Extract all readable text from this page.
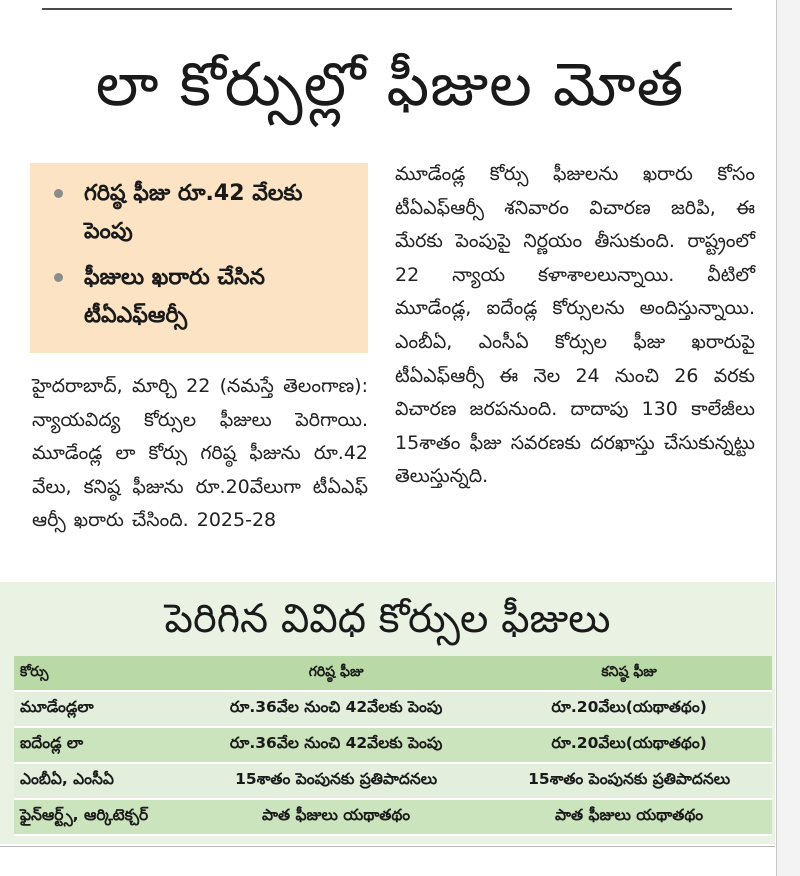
లా కోర్సుల్లో ఫీజుల మోత
గరిష్ఠ ఫీజు రూ.42 వేలకు పెంపు
ఫీజులు ఖరారు చేసిన టీఏఎఫ్ఆర్సీ
హైదరాబాద్‌, మార్చి 22 (నమస్తే తెలంగాణ): న్యాయవిద్య కోర్సుల ఫీజులు పెరిగాయి. మూడేండ్ల లా కోర్సు గరిష్ఠ ఫీజును రూ.42 వేలు, కనిష్ఠ ఫీజును రూ.20వేలుగా టీఏఎఫ్‌ ఆర్సీ ఖరారు చేసింది. 2025-28
మూడేండ్ల కోర్సు ఫీజులను ఖరారు కోసం టీఏఎఫ్‌ఆర్సీ శనివారం విచారణ జరిపి, ఈ మేరకు పెంపుపై నిర్ణయం తీసుకుంది. రాష్ట్రంలో 22 న్యాయ కళాశాలలున్నాయి. వీటిలో మూడేండ్ల, ఐదేండ్ల కోర్సులను అందిస్తున్నాయి. ఎంబీఏ, ఎంసీఏ కోర్సుల ఫీజు ఖరారుపై టీఏఎఫ్‌ఆర్సీ ఈ నెల 24 నుంచి 26 వరకు విచారణ జరపనుంది. దాదాపు 130 కాలేజీలు 15శాతం ఫీజు సవరణకు దరఖాస్తు చేసుకున్నట్టు తెలుస్తున్నది.
పెరిగిన వివిధ కోర్సుల ఫీజులు
కోర్సు	గరిష్ఠ ఫీజు	కనిష్ఠ ఫీజు
మూడేండ్లలా	రూ.36వేల నుంచి 42వేలకు పెంపు	రూ.20వేలు(యథాతథం)
ఐదేండ్ల లా	రూ.36వేల నుంచి 42వేలకు పెంపు	రూ.20వేలు(యథాతథం)
ఎంబీఏ, ఎంసీఏ	15శాతం పెంపునకు ప్రతిపాదనలు	15శాతం పెంపునకు ప్రతిపాదనలు
ఫైన్‌ఆర్ట్స్, ఆర్కిటెక్చర్	పాత ఫీజులు యథాతథం	పాత ఫీజులు యథాతథం
